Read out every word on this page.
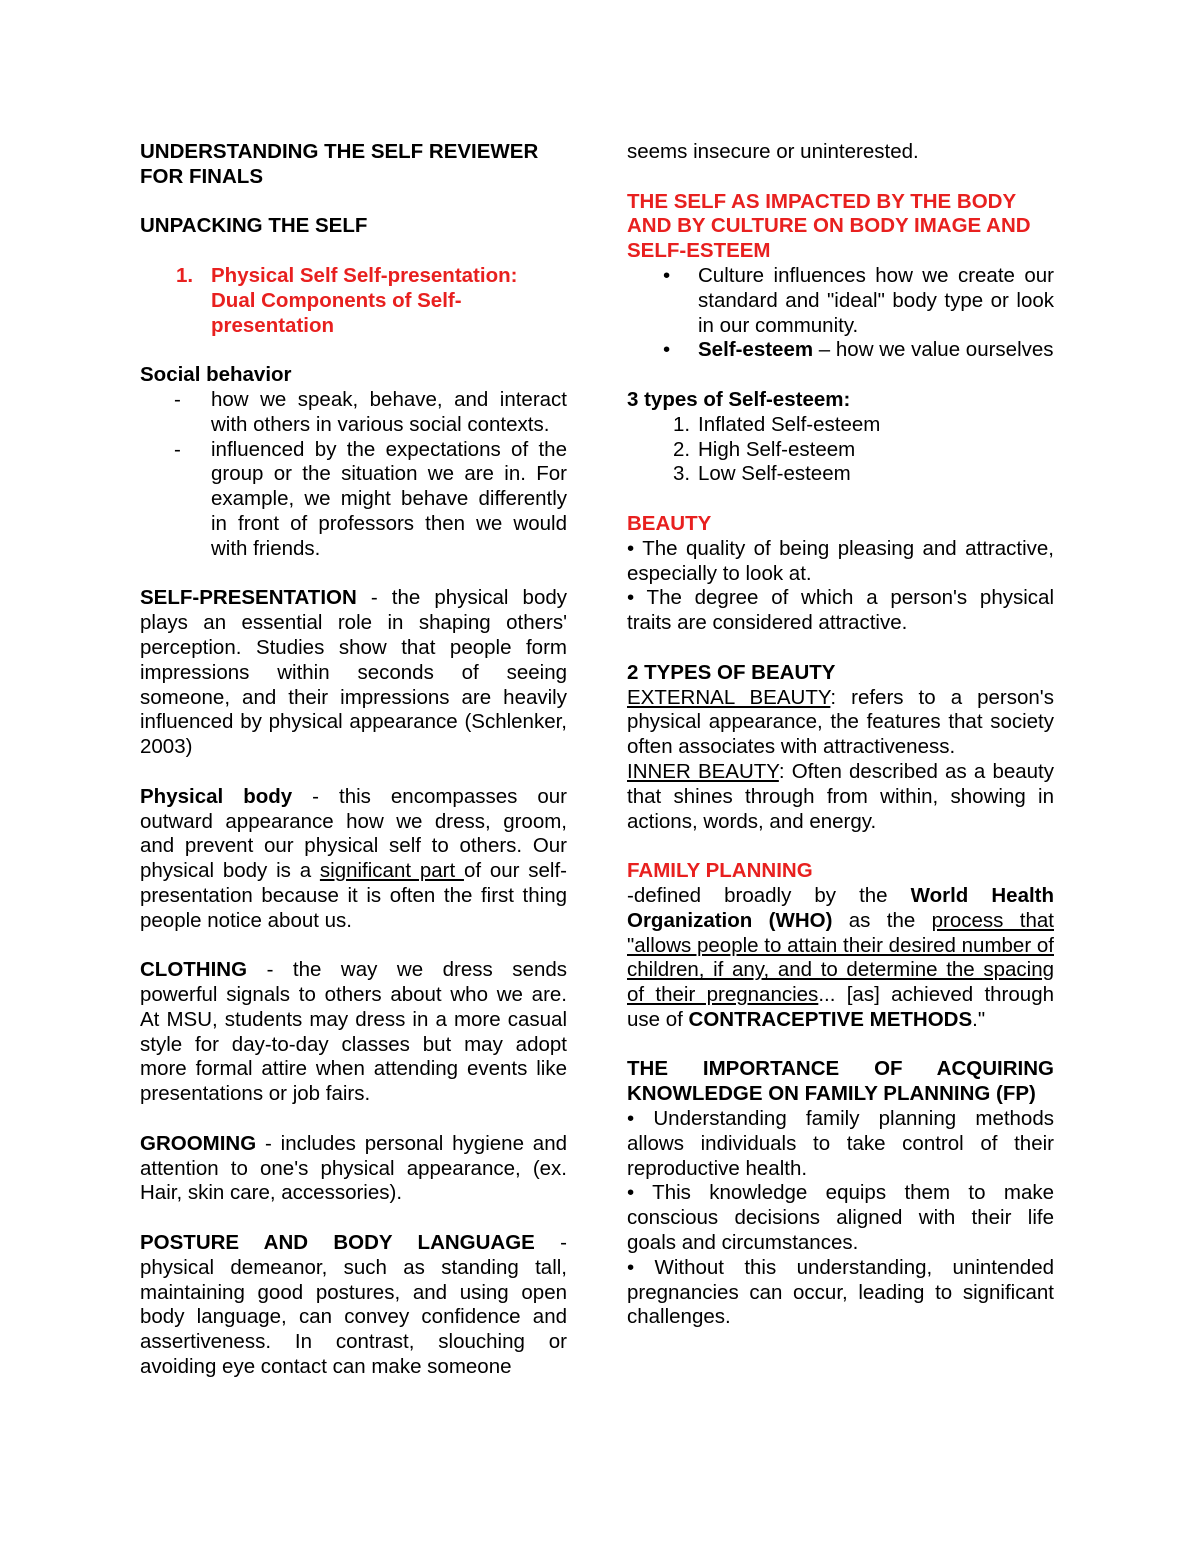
UNDERSTANDING THE SELF REVIEWER FOR FINALS

UNPACKING THE SELF

1. Physical Self Self-presentation: Dual Components of Self-presentation

Social behavior

- how we speak, behave, and interact with others in various social contexts.
- influenced by the expectations of the group or the situation we are in. For example, we might behave differently in front of professors then we would with friends.

SELF-PRESENTATION - the physical body plays an essential role in shaping others' perception. Studies show that people form impressions within seconds of seeing someone, and their impressions are heavily influenced by physical appearance (Schlenker, 2003)

Physical body - this encompasses our outward appearance how we dress, groom, and prevent our physical self to others. Our physical body is a significant part of our self-presentation because it is often the first thing people notice about us.

CLOTHING - the way we dress sends powerful signals to others about who we are. At MSU, students may dress in a more casual style for day-to-day classes but may adopt more formal attire when attending events like presentations or job fairs.

GROOMING - includes personal hygiene and attention to one's physical appearance, (ex. Hair, skin care, accessories).

POSTURE AND BODY LANGUAGE - physical demeanor, such as standing tall, maintaining good postures, and using open body language, can convey confidence and assertiveness. In contrast, slouching or avoiding eye contact can make someone

seems insecure or uninterested.

THE SELF AS IMPACTED BY THE BODY AND BY CULTURE ON BODY IMAGE AND SELF-ESTEEM

• Culture influences how we create our standard and "ideal" body type or look in our community.
• Self-esteem – how we value ourselves

3 types of Self-esteem:

1. Inflated Self-esteem
2. High Self-esteem
3. Low Self-esteem

BEAUTY

• The quality of being pleasing and attractive, especially to look at.

• The degree of which a person's physical traits are considered attractive.

2 TYPES OF BEAUTY

EXTERNAL BEAUTY: refers to a person's physical appearance, the features that society often associates with attractiveness.

INNER BEAUTY: Often described as a beauty that shines through from within, showing in actions, words, and energy.

FAMILY PLANNING

-defined broadly by the World Health Organization (WHO) as the process that "allows people to attain their desired number of children, if any, and to determine the spacing of their pregnancies... [as] achieved through use of CONTRACEPTIVE METHODS."

THE IMPORTANCE OF ACQUIRING KNOWLEDGE ON FAMILY PLANNING (FP)

• Understanding family planning methods allows individuals to take control of their reproductive health.

• This knowledge equips them to make conscious decisions aligned with their life goals and circumstances.

• Without this understanding, unintended pregnancies can occur, leading to significant challenges.
